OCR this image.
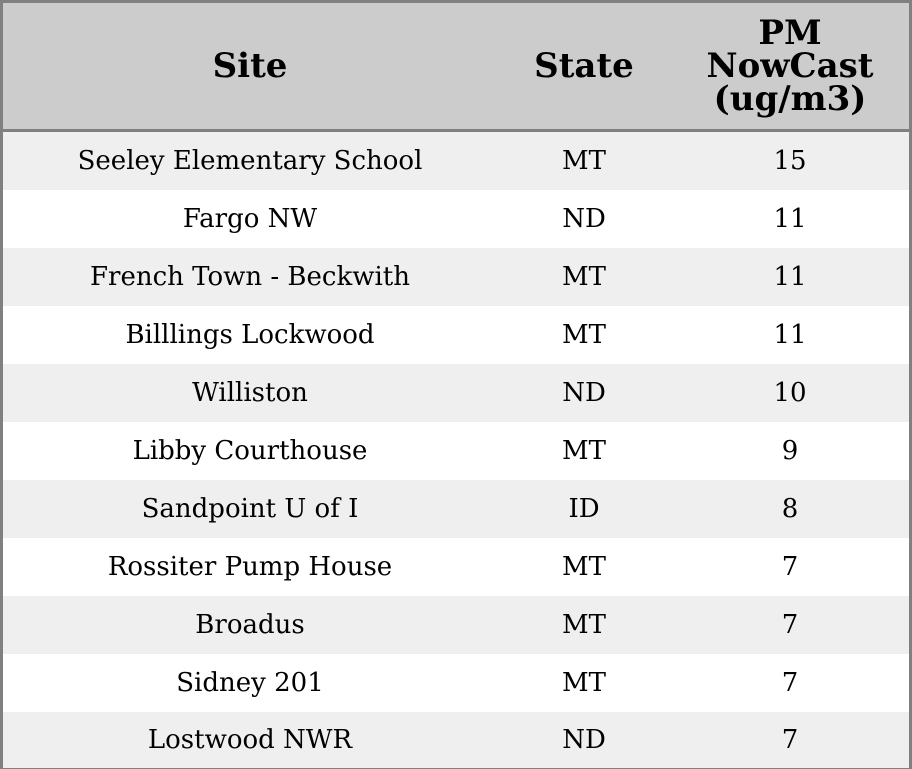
Site	State	PM
NowCast
(ug/m3)

Seeley Elementary School	MT	15
Fargo NW	ND	11
French Town - Beckwith	MT	11
Billlings Lockwood	MT	11
Williston	ND	10
Libby Courthouse	MT	9
Sandpoint U of I	ID	8
Rossiter Pump House	MT	7
Broadus	MT	7
Sidney 201	MT	7
Lostwood NWR	ND	7
